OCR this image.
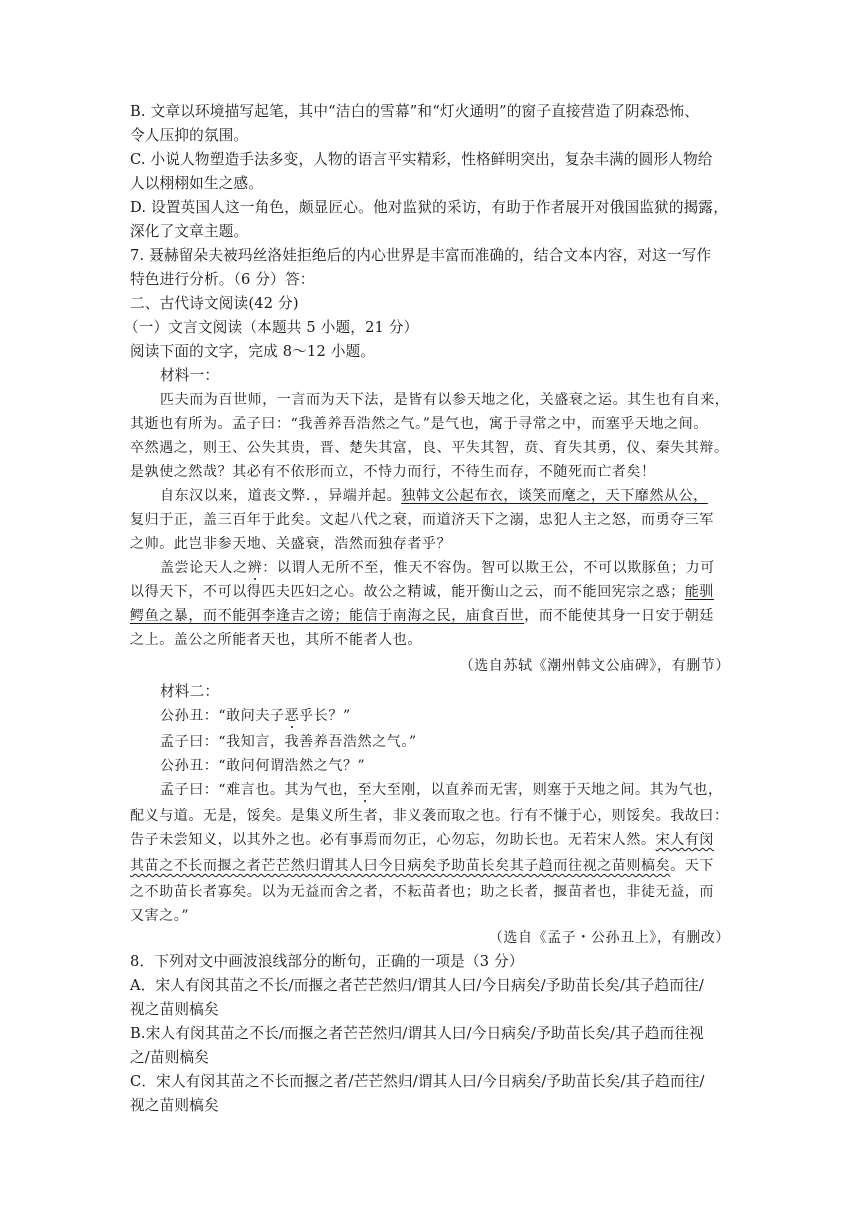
B. 文章以环境描写起笔，其中“洁白的雪幕”和“灯火通明”的窗子直接营造了阴森恐怖、
令人压抑的氛围。
C. 小说人物塑造手法多变，人物的语言平实精彩，性格鲜明突出，复杂丰满的圆形人物给
人以栩栩如生之感。
D. 设置英国人这一角色，颇显匠心。他对监狱的采访，有助于作者展开对俄国监狱的揭露，
深化了文章主题。
7. 聂赫留朵夫被玛丝洛娃拒绝后的内心世界是丰富而准确的，结合文本内容，对这一写作
特色进行分析。（6 分）答：
二、古代诗文阅读(42 分)
（一）文言文阅读（本题共 5 小题，21 分）
阅读下面的文字，完成 8～12 小题。
材料一：
匹夫而为百世师，一言而为天下法，是皆有以参天地之化，关盛衰之运。其生也有自来，
其逝也有所为。孟子曰：“我善养吾浩然之气。”是气也，寓于寻常之中，而塞乎天地之间。
卒然遇之，则王、公失其贵，晋、楚失其富，良、平失其智，贲、育失其勇，仪、秦失其辩。
是孰使之然哉？其必有不依形而立，不恃力而行，不待生而存，不随死而亡者矣！
自东汉以来，道丧文弊．，异端并起。独韩文公起布衣，谈笑而麾之，天下靡然从公，
复归于正，盖三百年于此矣。文起八代之衰，而道济天下之溺，忠犯人主之怒，而勇夺三军
之帅。此岂非参天地、关盛衰，浩然而独存者乎？
盖尝论天人之辨：以谓人无所不至，惟天不容伪。智可以欺王公，不可以欺豚鱼；力可
以得天下，不可以得匹夫匹妇之心。故公之精诚，能开衡山之云，而不能回宪宗之惑；能驯
鳄鱼之暴，而不能弭李逢吉之谤；能信于南海之民，庙食百世，而不能使其身一日安于朝廷
之上。盖公之所能者天也，其所不能者人也。
（选自苏轼《潮州韩文公庙碑》，有删节）
材料二：
公孙丑：“敢问夫子恶乎长？”
孟子曰：“我知言，我善养吾浩然之气。”
公孙丑：“敢问何谓浩然之气？”
孟子曰：“难言也。其为气也，至大至刚，以直养而无害，则塞于天地之间。其为气也，
配义与道。无是，馁矣。是集义所生者，非义袭而取之也。行有不慊于心，则馁矣。我故曰：
告子未尝知义，以其外之也。必有事焉而勿正，心勿忘，勿助长也。无若宋人然。宋人有闵
其苗之不长而揠之者芒芒然归谓其人曰今日病矣予助苗长矣其子趋而往视之苗则槁矣。天下
之不助苗长者寡矣。以为无益而舍之者，不耘苗者也；助之长者，揠苗者也，非徒无益，而
又害之。”
（选自《孟子・公孙丑上》，有删改）
8．下列对文中画波浪线部分的断句，正确的一项是（3 分）
A．宋人有闵其苗之不长/而揠之者芒芒然归/谓其人曰/今日病矣/予助苗长矣/其子趋而往/
视之苗则槁矣
B.宋人有闵其苗之不长/而揠之者芒芒然归/谓其人曰/今日病矣/予助苗长矣/其子趋而往视
之/苗则槁矣
C．宋人有闵其苗之不长而揠之者/芒芒然归/谓其人曰/今日病矣/予助苗长矣/其子趋而往/
视之苗则槁矣
